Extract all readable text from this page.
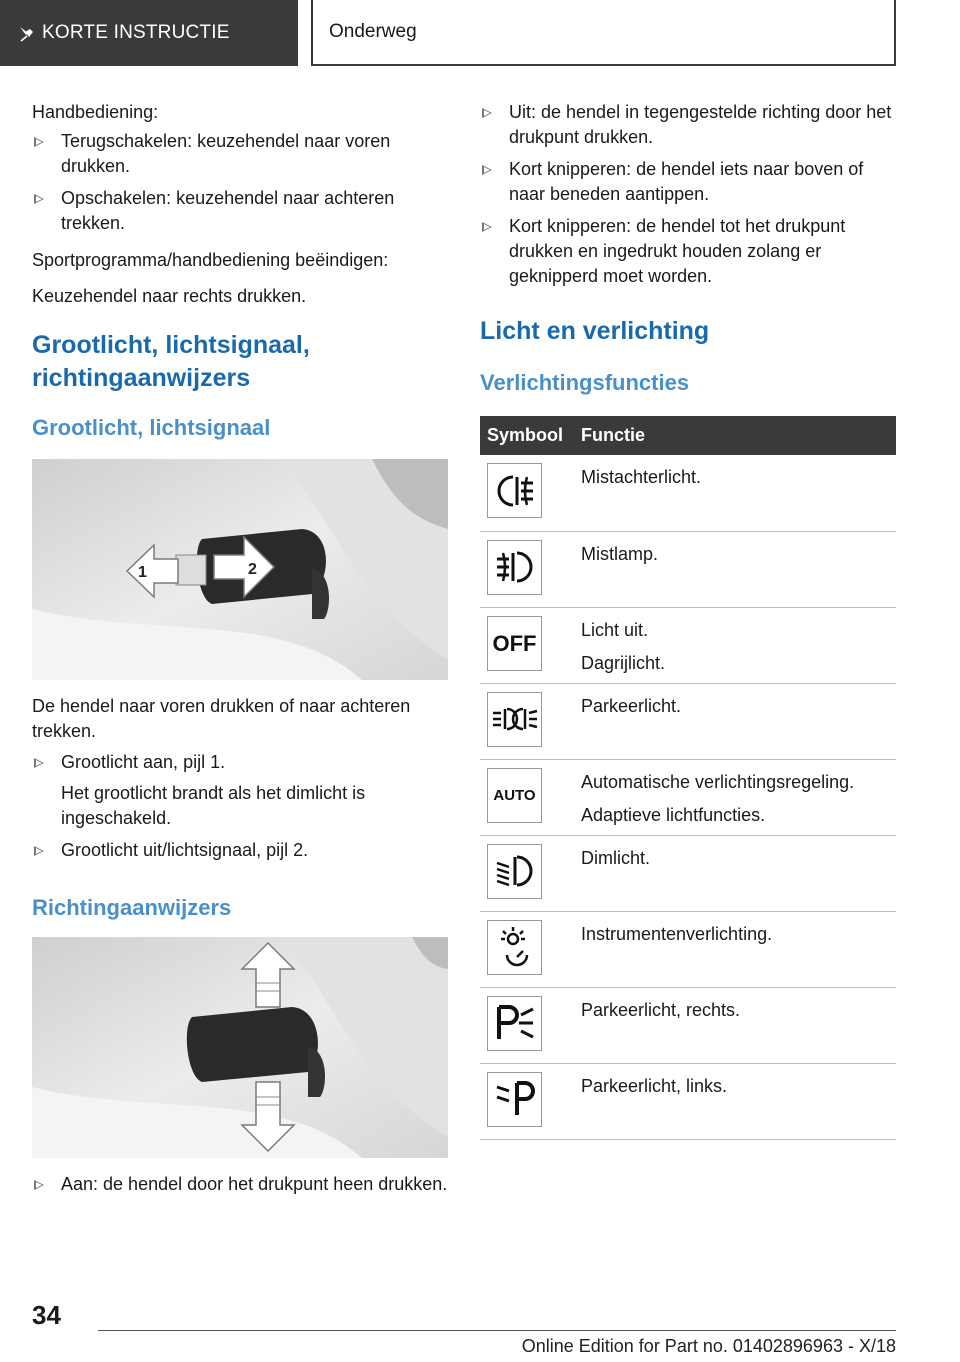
KORTE INSTRUCTIE	Onderweg

Handbediening:

Terugschakelen: keuzehendel naar voren drukken.
Opschakelen: keuzehendel naar achteren trekken.

Sportprogramma/handbediening beëindigen:

Keuzehendel naar rechts drukken.

Grootlicht, lichtsignaal, richtingaanwijzers
Grootlicht, lichtsignaal
1	2

De hendel naar voren drukken of naar achteren trekken.

Grootlicht aan, pijl 1.
Het grootlicht brandt als het dimlicht is ingeschakeld.
Grootlicht uit/lichtsignaal, pijl 2.
Richtingaanwijzers
Aan: de hendel door het drukpunt heen drukken.
Uit: de hendel in tegengestelde richting door het drukpunt drukken.
Kort knipperen: de hendel iets naar boven of naar beneden aantippen.
Kort knipperen: de hendel tot het drukpunt drukken en ingedrukt houden zolang er geknipperd moet worden.
Licht en verlichting
Verlichtingsfuncties
Symbool	Functie

Mistachterlicht.

Mistlamp.

OFF	Licht uit.
Dagrijlicht.

Parkeerlicht.

AUTO	Automatische verlichtingsregeling.
Adaptieve lichtfuncties.

Dimlicht.

Instrumentenverlichting.

Parkeerlicht, rechts.

Parkeerlicht, links.
34
Online Edition for Part no. 01402896963 - X/18
